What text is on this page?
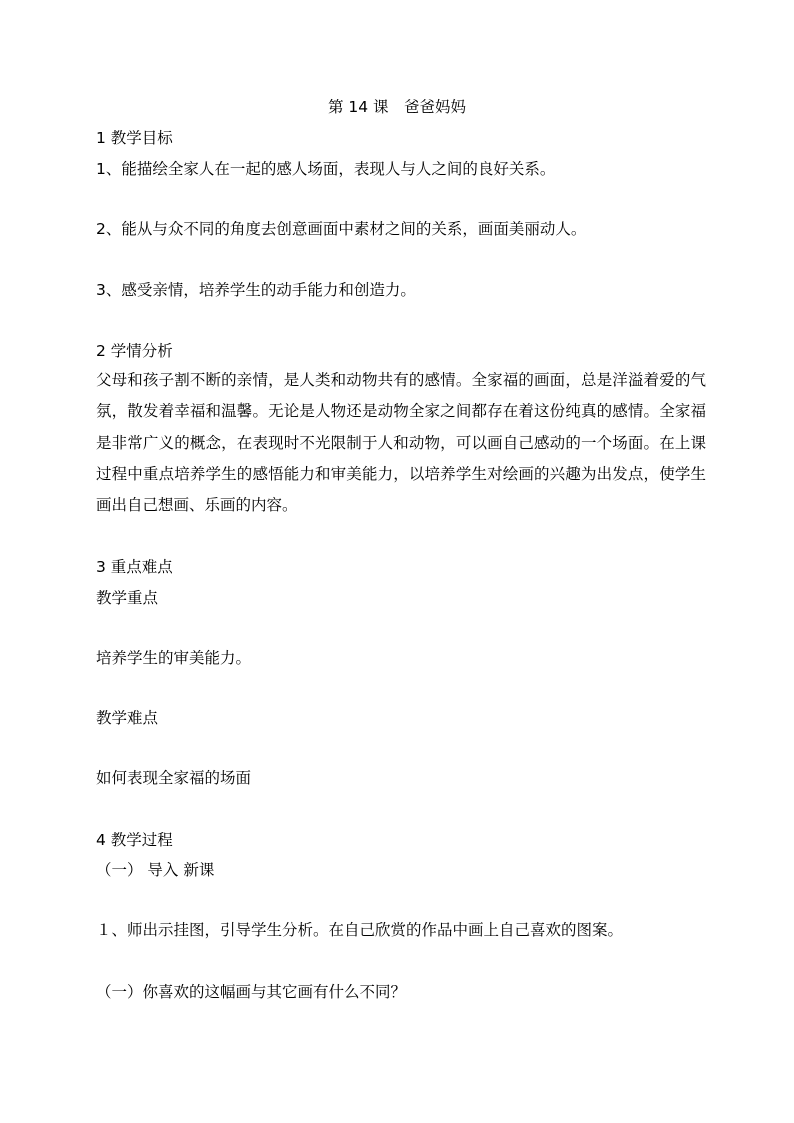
第 14 课　爸爸妈妈

1 教学目标

1、能描绘全家人在一起的感人场面，表现人与人之间的良好关系。

2、能从与众不同的角度去创意画面中素材之间的关系，画面美丽动人。

3、感受亲情，培养学生的动手能力和创造力。

2 学情分析

父母和孩子割不断的亲情，是人类和动物共有的感情。全家福的画面，总是洋溢着爱的气氛，散发着幸福和温馨。无论是人物还是动物全家之间都存在着这份纯真的感情。全家福是非常广义的概念，在表现时不光限制于人和动物，可以画自己感动的一个场面。在上课过程中重点培养学生的感悟能力和审美能力，以培养学生对绘画的兴趣为出发点，使学生画出自己想画、乐画的内容。

3 重点难点

教学重点

培养学生的审美能力。

教学难点

如何表现全家福的场面

4 教学过程

（一） 导入 新课

１、师出示挂图，引导学生分析。在自己欣赏的作品中画上自己喜欢的图案。

（一）你喜欢的这幅画与其它画有什么不同？
